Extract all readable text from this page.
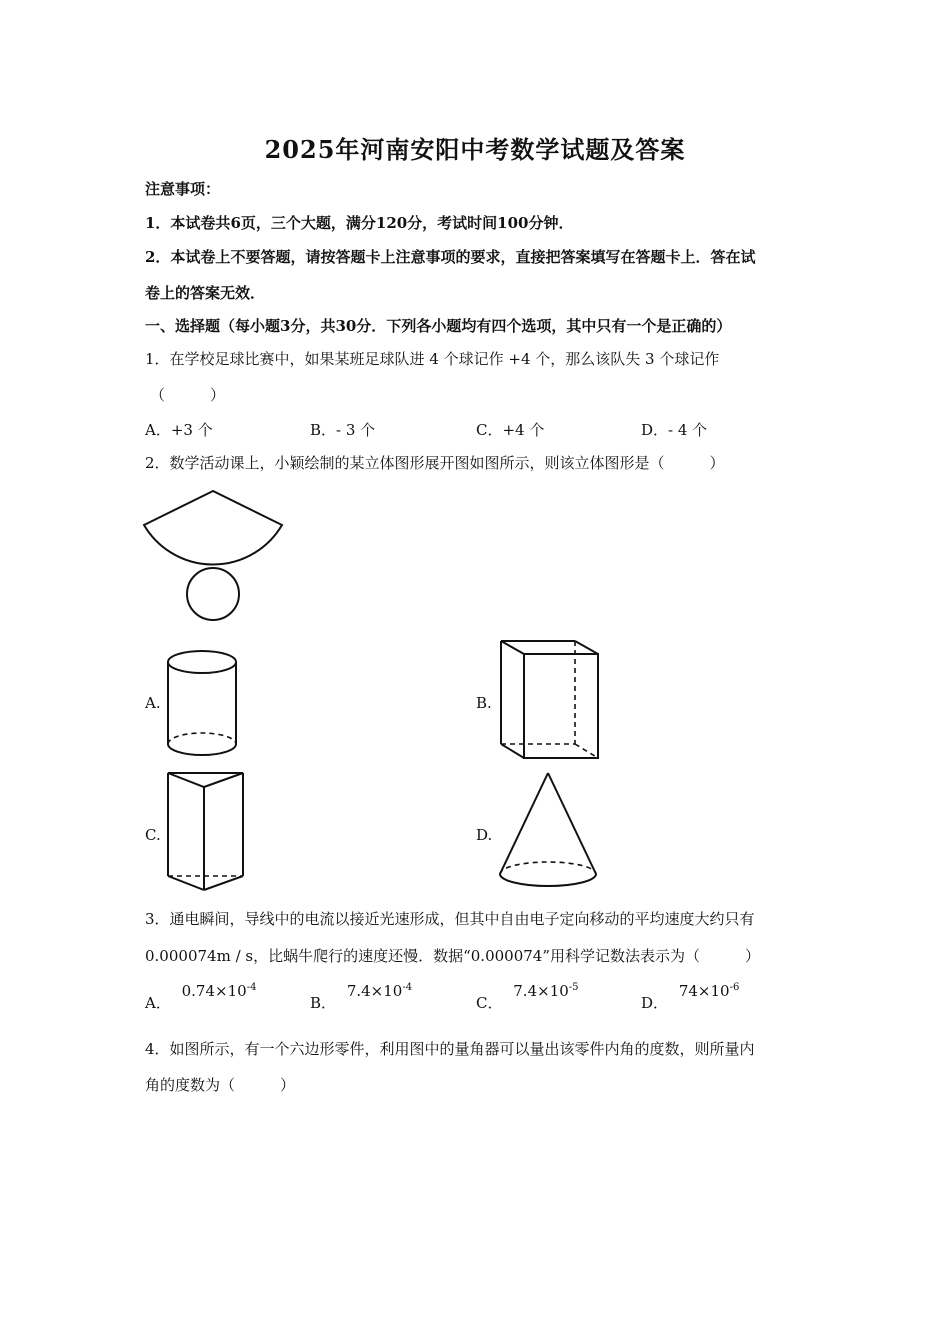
2025年河南安阳中考数学试题及答案
注意事项：
1．本试卷共6页，三个大题，满分120分，考试时间100分钟．
2．本试卷上不要答题，请按答题卡上注意事项的要求，直接把答案填写在答题卡上．答在试
卷上的答案无效．
一、选择题（每小题3分，共30分．下列各小题均有四个选项，其中只有一个是正确的）
1．在学校足球比赛中，如果某班足球队进 4 个球记作 +4 个，那么该队失 3 个球记作
（　　　）
A．+3 个	B．- 3 个	C．+4 个	D．- 4 个
2．数学活动课上，小颖绘制的某立体图形展开图如图所示，则该立体图形是（　　　）
A.	B.
C.	D.
3．通电瞬间，导线中的电流以接近光速形成，但其中自由电子定向移动的平均速度大约只有
0.000074m / s，比蜗牛爬行的速度还慢．数据“0.000074”用科学记数法表示为（　　　）
A． $0.74\times 10^{-4}$
B． $7.4\times 10^{-4}$
C． $7.4\times 10^{-5}$
D． $74\times 10^{-6}$
4．如图所示，有一个六边形零件，利用图中的量角器可以量出该零件内角的度数，则所量内
角的度数为（　　　）
